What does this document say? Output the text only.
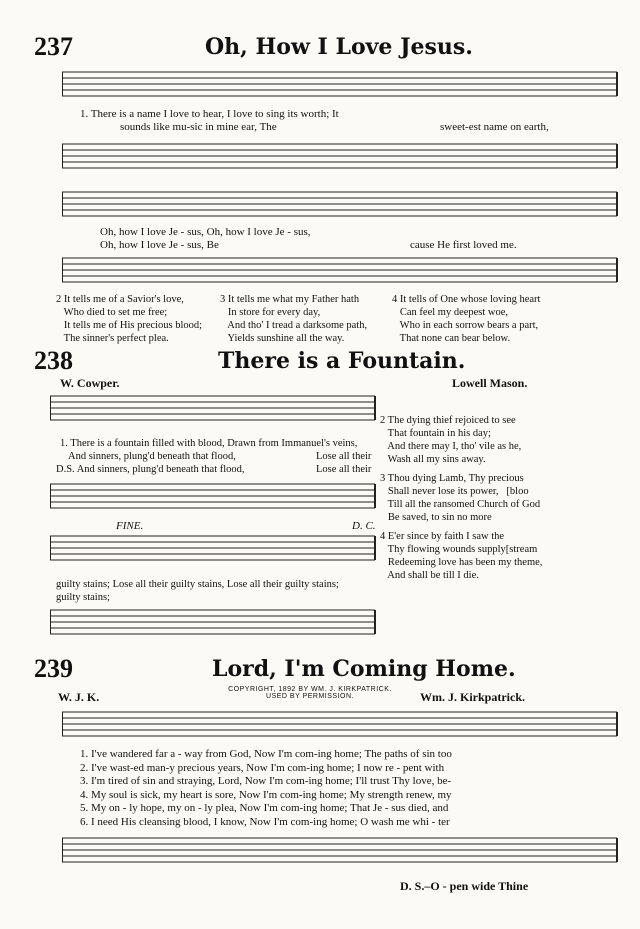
237	Oh, How I Love Jesus.
1. There is a name I love to hear, I love to sing its worth; It
sounds like mu-sic in mine ear, The	sweet-est name on earth,
Oh, how I love Je - sus, Oh, how I love Je - sus,
Oh, how I love Je - sus, Be	cause He first loved me.
2 It tells me of a Savior's love,
Who died to set me free;
It tells me of His precious blood;
The sinner's perfect plea.
3 It tells me what my Father hath
In store for every day,
And tho' I tread a darksome path,
Yields sunshine all the way.
4 It tells of One whose loving heart
Can feel my deepest woe,
Who in each sorrow bears a part,
That none can bear below.
238	There is a Fountain.
W. Cowper.	Lowell Mason.
1. There is a fountain filled with blood, Drawn from Immanuel's veins,
And sinners, plung'd beneath that flood,	Lose all their
D.S. And sinners, plung'd beneath that flood,	Lose all their
FINE.	D. C.
guilty stains; Lose all their guilty stains, Lose all their guilty stains;
guilty stains;
2 The dying thief rejoiced to see
That fountain in his day;
And there may I, tho' vile as he,
Wash all my sins away.
3 Thou dying Lamb, Thy precious
Shall never lose its power,   [bloo
Till all the ransomed Church of God
Be saved, to sin no more
4 E'er since by faith I saw the
Thy flowing wounds supply[stream
Redeeming love has been my theme,
And shall be till I die.
239	Lord, I'm Coming Home.
W. J. K.
COPYRIGHT, 1892 BY WM. J. KIRKPATRICK.
USED BY PERMISSION.	Wm. J. Kirkpatrick.
1. I've wandered far a - way from God, Now I'm com-ing home; The paths of sin too
2. I've wast-ed man-y precious years, Now I'm com-ing home; I now re - pent with
3. I'm tired of sin and straying, Lord, Now I'm com-ing home; I'll trust Thy love, be-
4. My soul is sick, my heart is sore, Now I'm com-ing home; My strength renew, my
5. My on - ly hope, my on - ly plea, Now I'm com-ing home; That Je - sus died, and
6. I need His cleansing blood, I know, Now I'm com-ing home; O wash me whi - ter
D. S.–O - pen wide Thine
